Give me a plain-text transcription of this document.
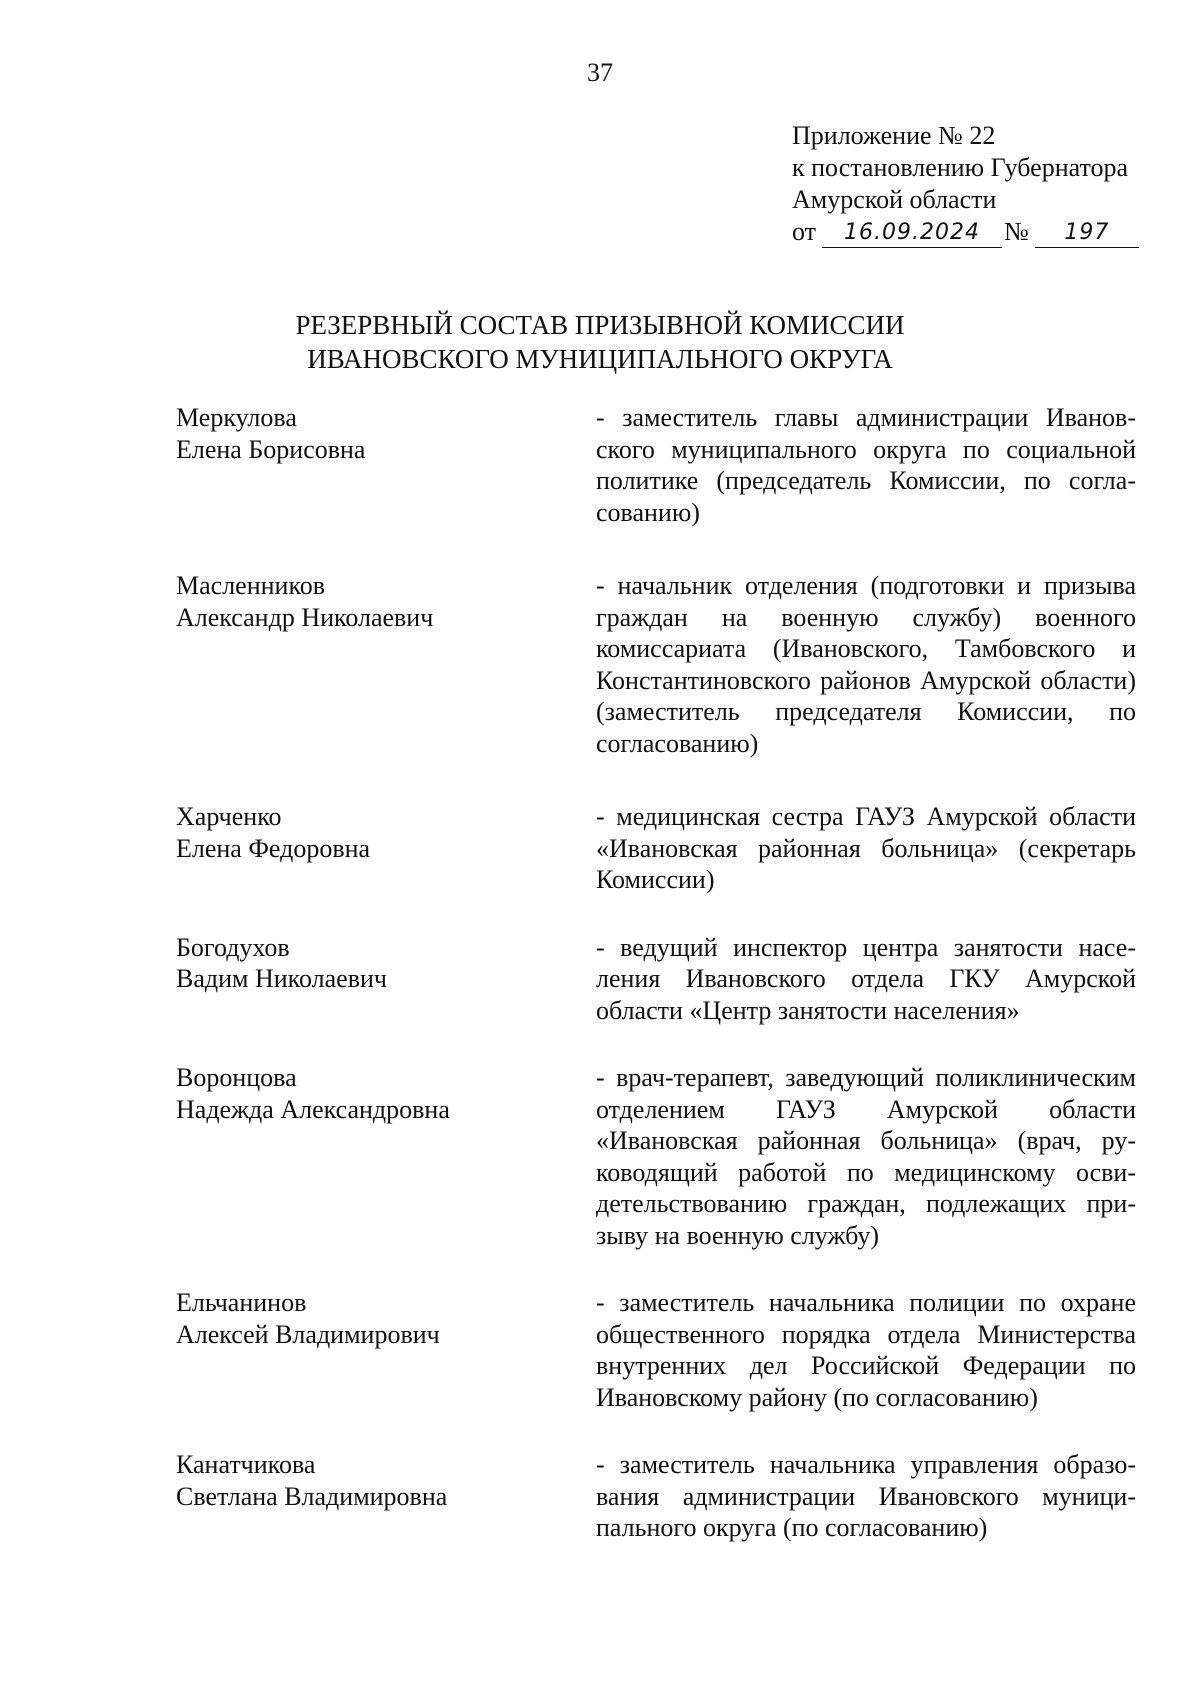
37
Приложение № 22
к постановлению Губернатора
Амурской области
от	16.09.2024 №	197
РЕЗЕРВНЫЙ СОСТАВ ПРИЗЫВНОЙ КОМИССИИ
ИВАНОВСКОГО МУНИЦИПАЛЬНОГО ОКРУГА
Меркулова
Елена Борисовна
- заместитель главы администрации Ивановского муниципального округа по социальной политике (председатель Комиссии, по согласованию)
Масленников
Александр Николаевич
- начальник отделения (подготовки и призыва граждан на военную службу) военного комиссариата (Ивановского, Тамбовского и Константиновского районов Амурской области) (заместитель председателя Комиссии, по согласованию)
Харченко
Елена Федоровна
- медицинская сестра ГАУЗ Амурской области «Ивановская районная больница» (секретарь Комиссии)
Богодухов
Вадим Николаевич
- ведущий инспектор центра занятости населения Ивановского отдела ГКУ Амурской области «Центр занятости населения»
Воронцова
Надежда Александровна
- врач-терапевт, заведующий поликлиническим отделением ГАУЗ Амурской области «Ивановская районная больница» (врач, руководящий работой по медицинскому освидетельствованию граждан, подлежащих призыву на военную службу)
Ельчанинов
Алексей Владимирович
- заместитель начальника полиции по охране общественного порядка отдела Министерства внутренних дел Российской Федерации по Ивановскому району (по согласованию)
Канатчикова
Светлана Владимировна
- заместитель начальника управления образования администрации Ивановского муниципального округа (по согласованию)
